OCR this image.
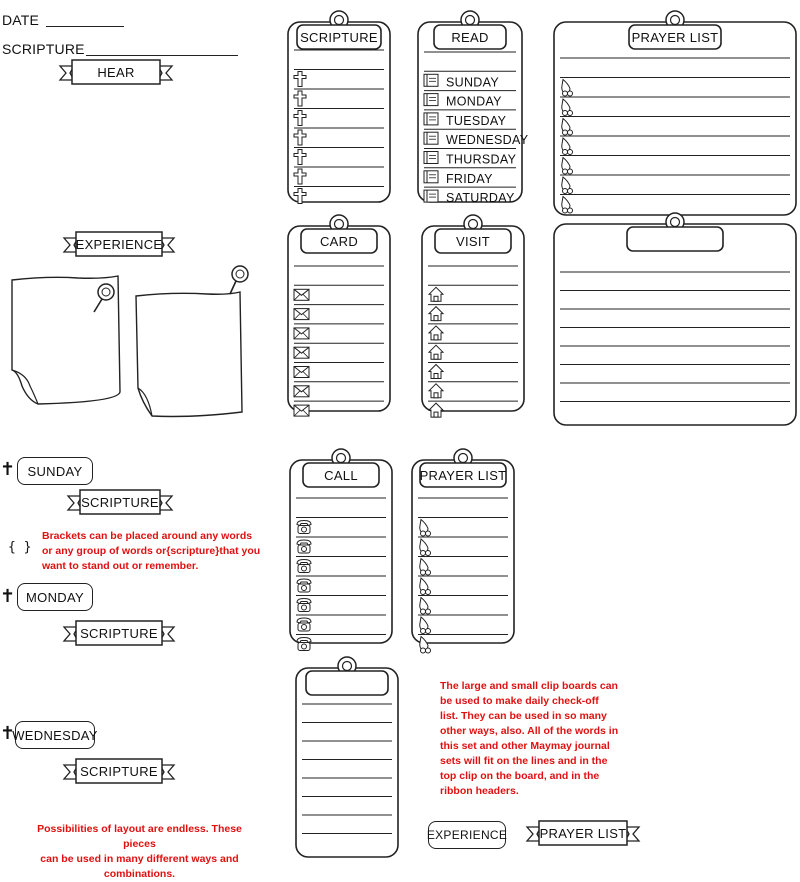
DATE
SCRIPTURE
HEAR
EXPERIENCE
SCRIPTURE
SCRIPTURE
SCRIPTURE
PRAYER LIST
SCRIPTURE	READ
SUNDAY
MONDAY
TUESDAY
WEDNESDAY
THURSDAY
FRIDAY
SATURDAY
PRAYER LIST
CARD	VISIT
CALL	PRAYER LIST
✝ SUNDAY
{ }
Brackets can be placed around any words
or any group of words or{scripture}that you
want to stand out or remember.
✝ MONDAY
✝
WEDNESDAY
Possibilities of layout are endless. These pieces
can be used in many different ways and combinations.
The large and small clip boards can
be used to make daily check-off
list. They can be used in so many
other ways, also. All of the words in
this set and other Maymay journal
sets will fit on the lines and in the
top clip on the board, and in the
ribbon headers.
EXPERIENCE
